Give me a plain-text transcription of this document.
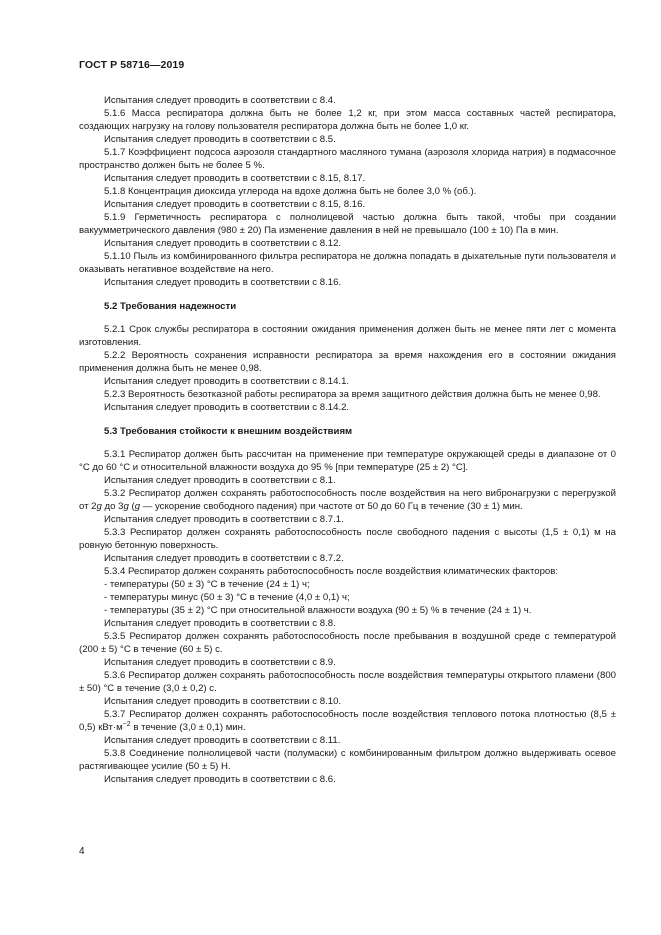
ГОСТ Р 58716—2019

Испытания следует проводить в соответствии с 8.4.

5.1.6 Масса респиратора должна быть не более 1,2 кг, при этом масса составных частей респиратора, создающих нагрузку на голову пользователя респиратора должна быть не более 1,0 кг.

Испытания следует проводить в соответствии с 8.5.

5.1.7 Коэффициент подсоса аэрозоля стандартного масляного тумана (аэрозоля хлорида натрия) в подмасочное пространство должен быть не более 5 %.

Испытания следует проводить в соответствии с 8.15, 8.17.

5.1.8 Концентрация диоксида углерода на вдохе должна быть не более 3,0 % (об.).

Испытания следует проводить в соответствии с 8.15, 8.16.

5.1.9 Герметичность респиратора с полнолицевой частью должна быть такой, чтобы при создании вакуумметрического давления (980 ± 20) Па изменение давления в ней не превышало (100 ± 10) Па в мин.

Испытания следует проводить в соответствии с 8.12.

5.1.10 Пыль из комбинированного фильтра респиратора не должна попадать в дыхательные пути пользователя и оказывать негативное воздействие на него.

Испытания следует проводить в соответствии с 8.16.

5.2 Требования надежности

5.2.1 Срок службы респиратора в состоянии ожидания применения должен быть не менее пяти лет с момента изготовления.

5.2.2 Вероятность сохранения исправности респиратора за время нахождения его в состоянии ожидания применения должна быть не менее 0,98.

Испытания следует проводить в соответствии с 8.14.1.

5.2.3 Вероятность безотказной работы респиратора за время защитного действия должна быть не менее 0,98.

Испытания следует проводить в соответствии с 8.14.2.

5.3 Требования стойкости к внешним воздействиям

5.3.1 Респиратор должен быть рассчитан на применение при температуре окружающей среды в диапазоне от 0 °С до 60 °С и относительной влажности воздуха до 95 % [при температуре (25 ± 2) °С].

Испытания следует проводить в соответствии с 8.1.

5.3.2 Респиратор должен сохранять работоспособность после воздействия на него вибронагрузки с перегрузкой от 2g до 3g (g — ускорение свободного падения) при частоте от 50 до 60 Гц в течение (30 ± 1) мин.

Испытания следует проводить в соответствии с 8.7.1.

5.3.3 Респиратор должен сохранять работоспособность после свободного падения с высоты (1,5 ± 0,1) м на ровную бетонную поверхность.

Испытания следует проводить в соответствии с 8.7.2.

5.3.4 Респиратор должен сохранять работоспособность после воздействия климатических факторов:

- температуры (50 ± 3) °С в течение (24 ± 1) ч;

- температуры минус (50 ± 3) °С в течение (4,0 ± 0,1) ч;

- температуры (35 ± 2) °С при относительной влажности воздуха (90 ± 5) % в течение (24 ± 1) ч.

Испытания следует проводить в соответствии с 8.8.

5.3.5 Респиратор должен сохранять работоспособность после пребывания в воздушной среде с температурой (200 ± 5) °С в течение (60 ± 5) с.

Испытания следует проводить в соответствии с 8.9.

5.3.6 Респиратор должен сохранять работоспособность после воздействия температуры открытого пламени (800 ± 50) °С в течение (3,0 ± 0,2) с.

Испытания следует проводить в соответствии с 8.10.

5.3.7 Респиратор должен сохранять работоспособность после воздействия теплового потока плотностью (8,5 ± 0,5) $кВт\cdot м^{-2}$ в течение (3,0 ± 0,1) мин.

Испытания следует проводить в соответствии с 8.11.

5.3.8 Соединение полнолицевой части (полумаски) с комбинированным фильтром должно выдерживать осевое растягивающее усилие (50 ± 5) Н.

Испытания следует проводить в соответствии с 8.6.

4
